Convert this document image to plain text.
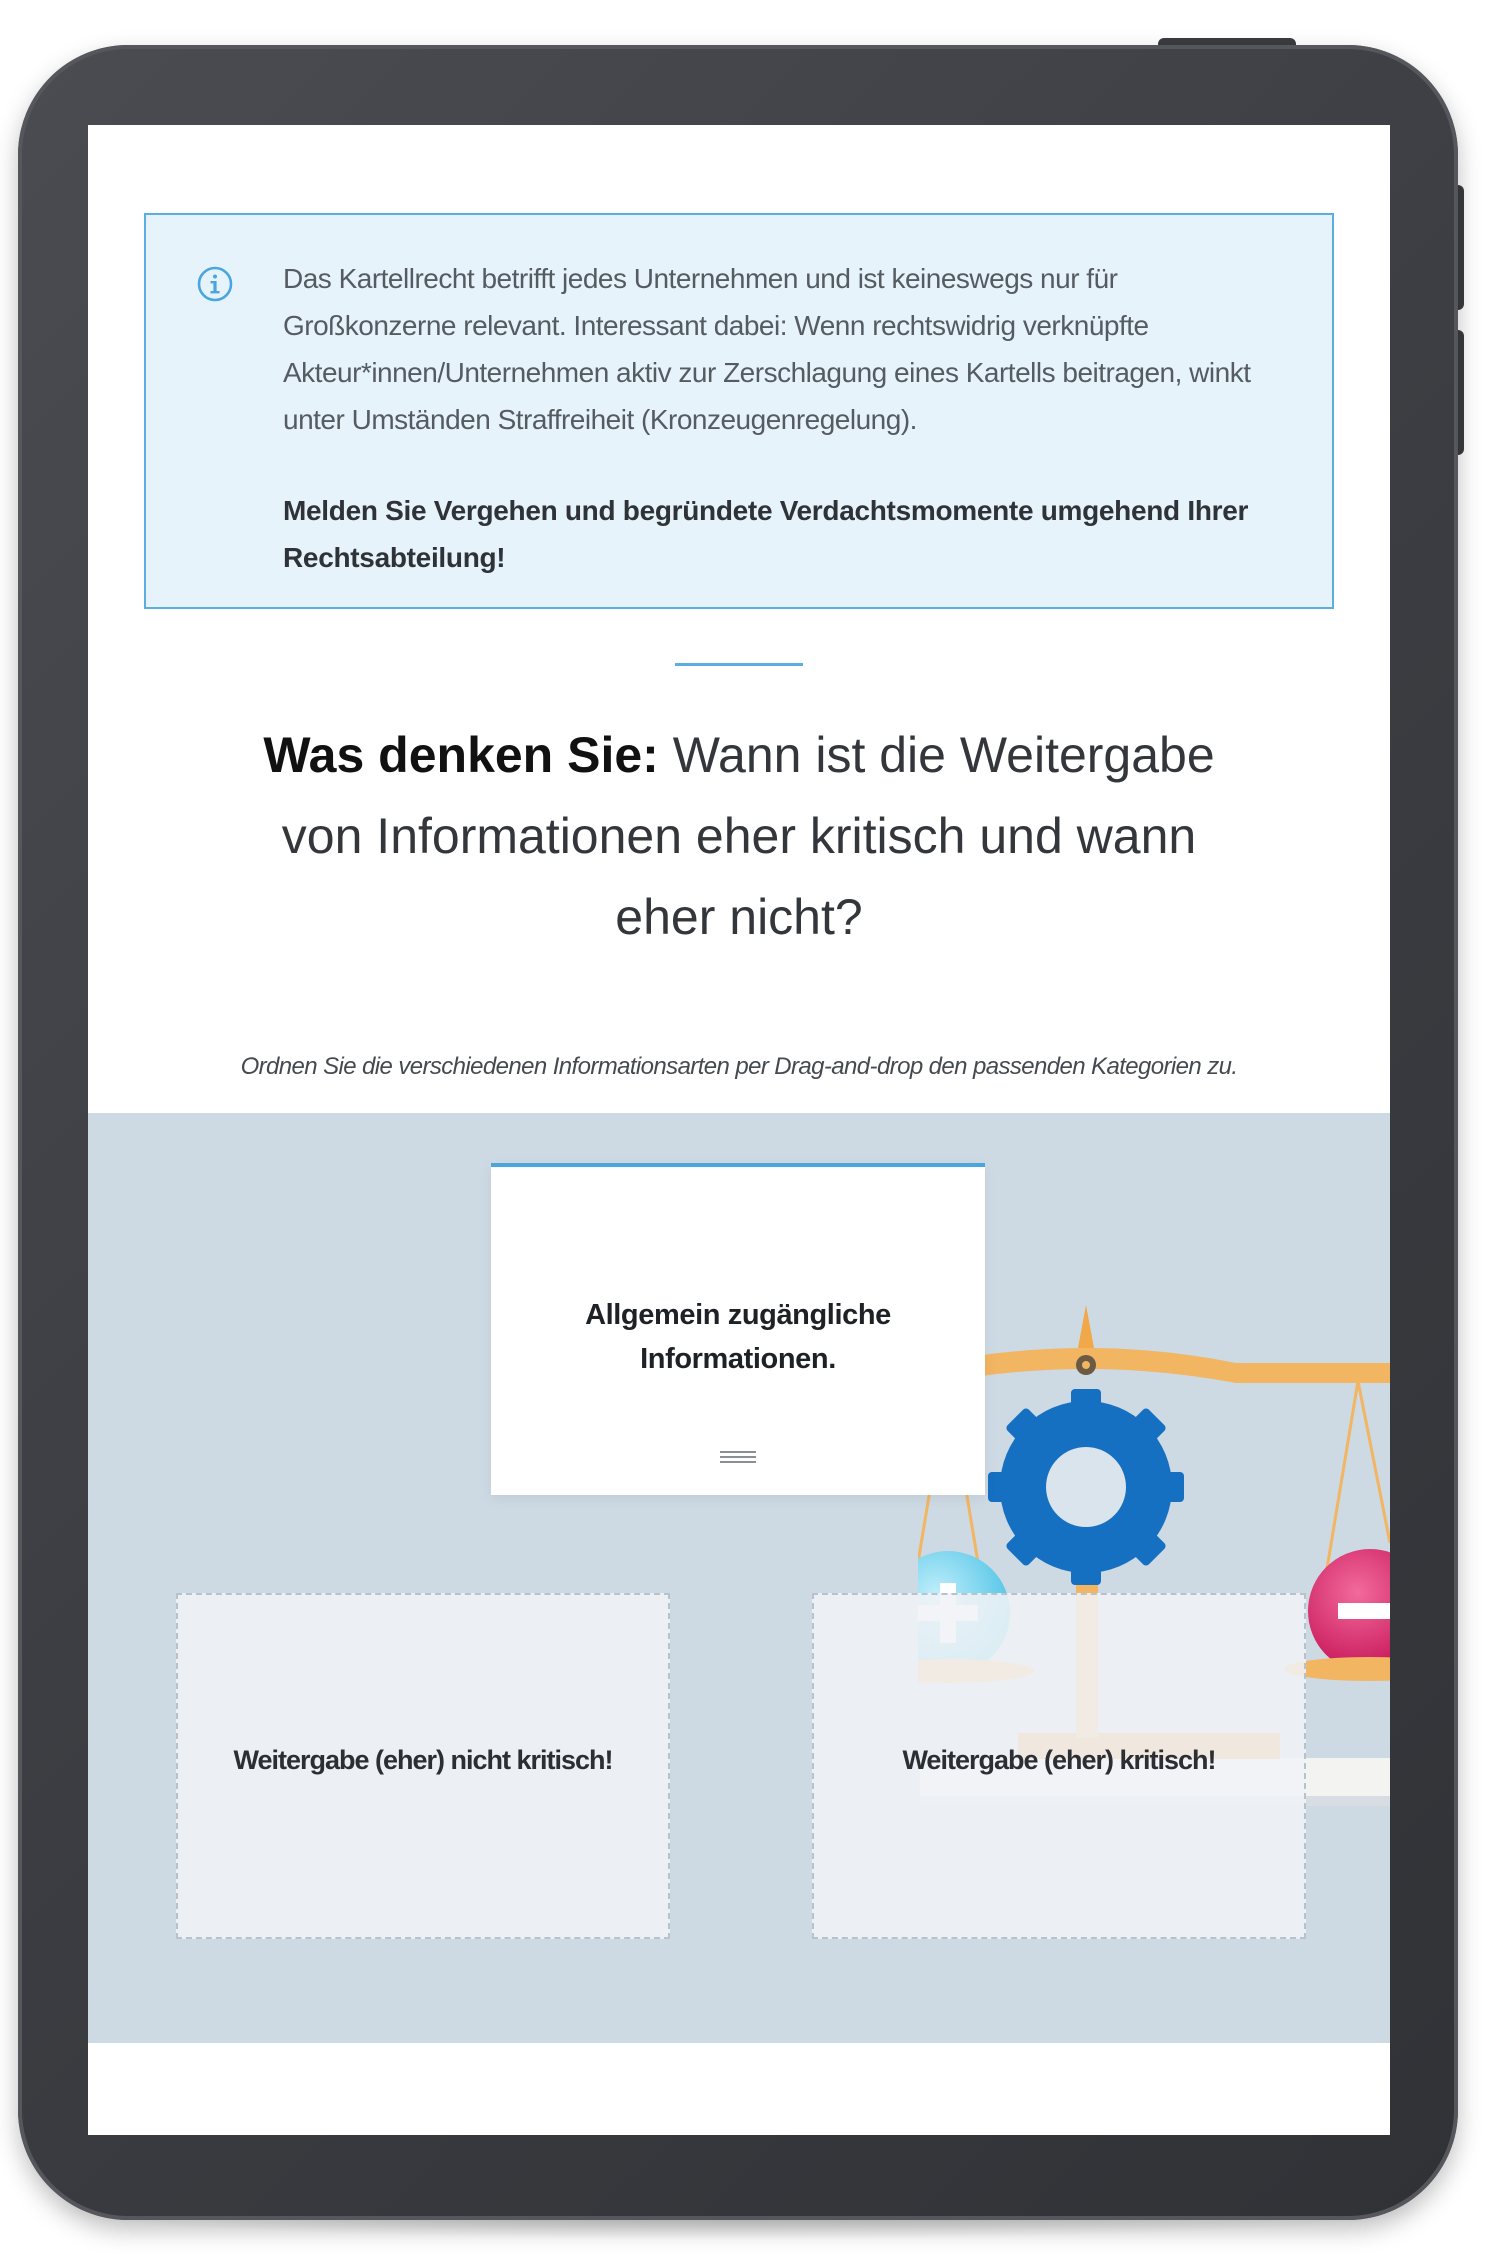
Das Kartellrecht betrifft jedes Unternehmen und ist keineswegs nur für Großkonzerne relevant. Interessant dabei: Wenn rechtswidrig verknüpfte Akteur*innen/Unternehmen aktiv zur Zerschlagung eines Kartells beitragen, winkt unter Umständen Straffreiheit (Kronzeugenregelung).
Melden Sie Vergehen und begründete Verdachtsmomente umgehend Ihrer Rechtsabteilung!
Was denken Sie: Wann ist die Weitergabe von Informationen eher kritisch und wann eher nicht?
Ordnen Sie die verschiedenen Informationsarten per Drag-and-drop den passenden Kategorien zu.
Allgemein zugängliche Informationen.
Weitergabe (eher) nicht kritisch!	Weitergabe (eher) kritisch!
